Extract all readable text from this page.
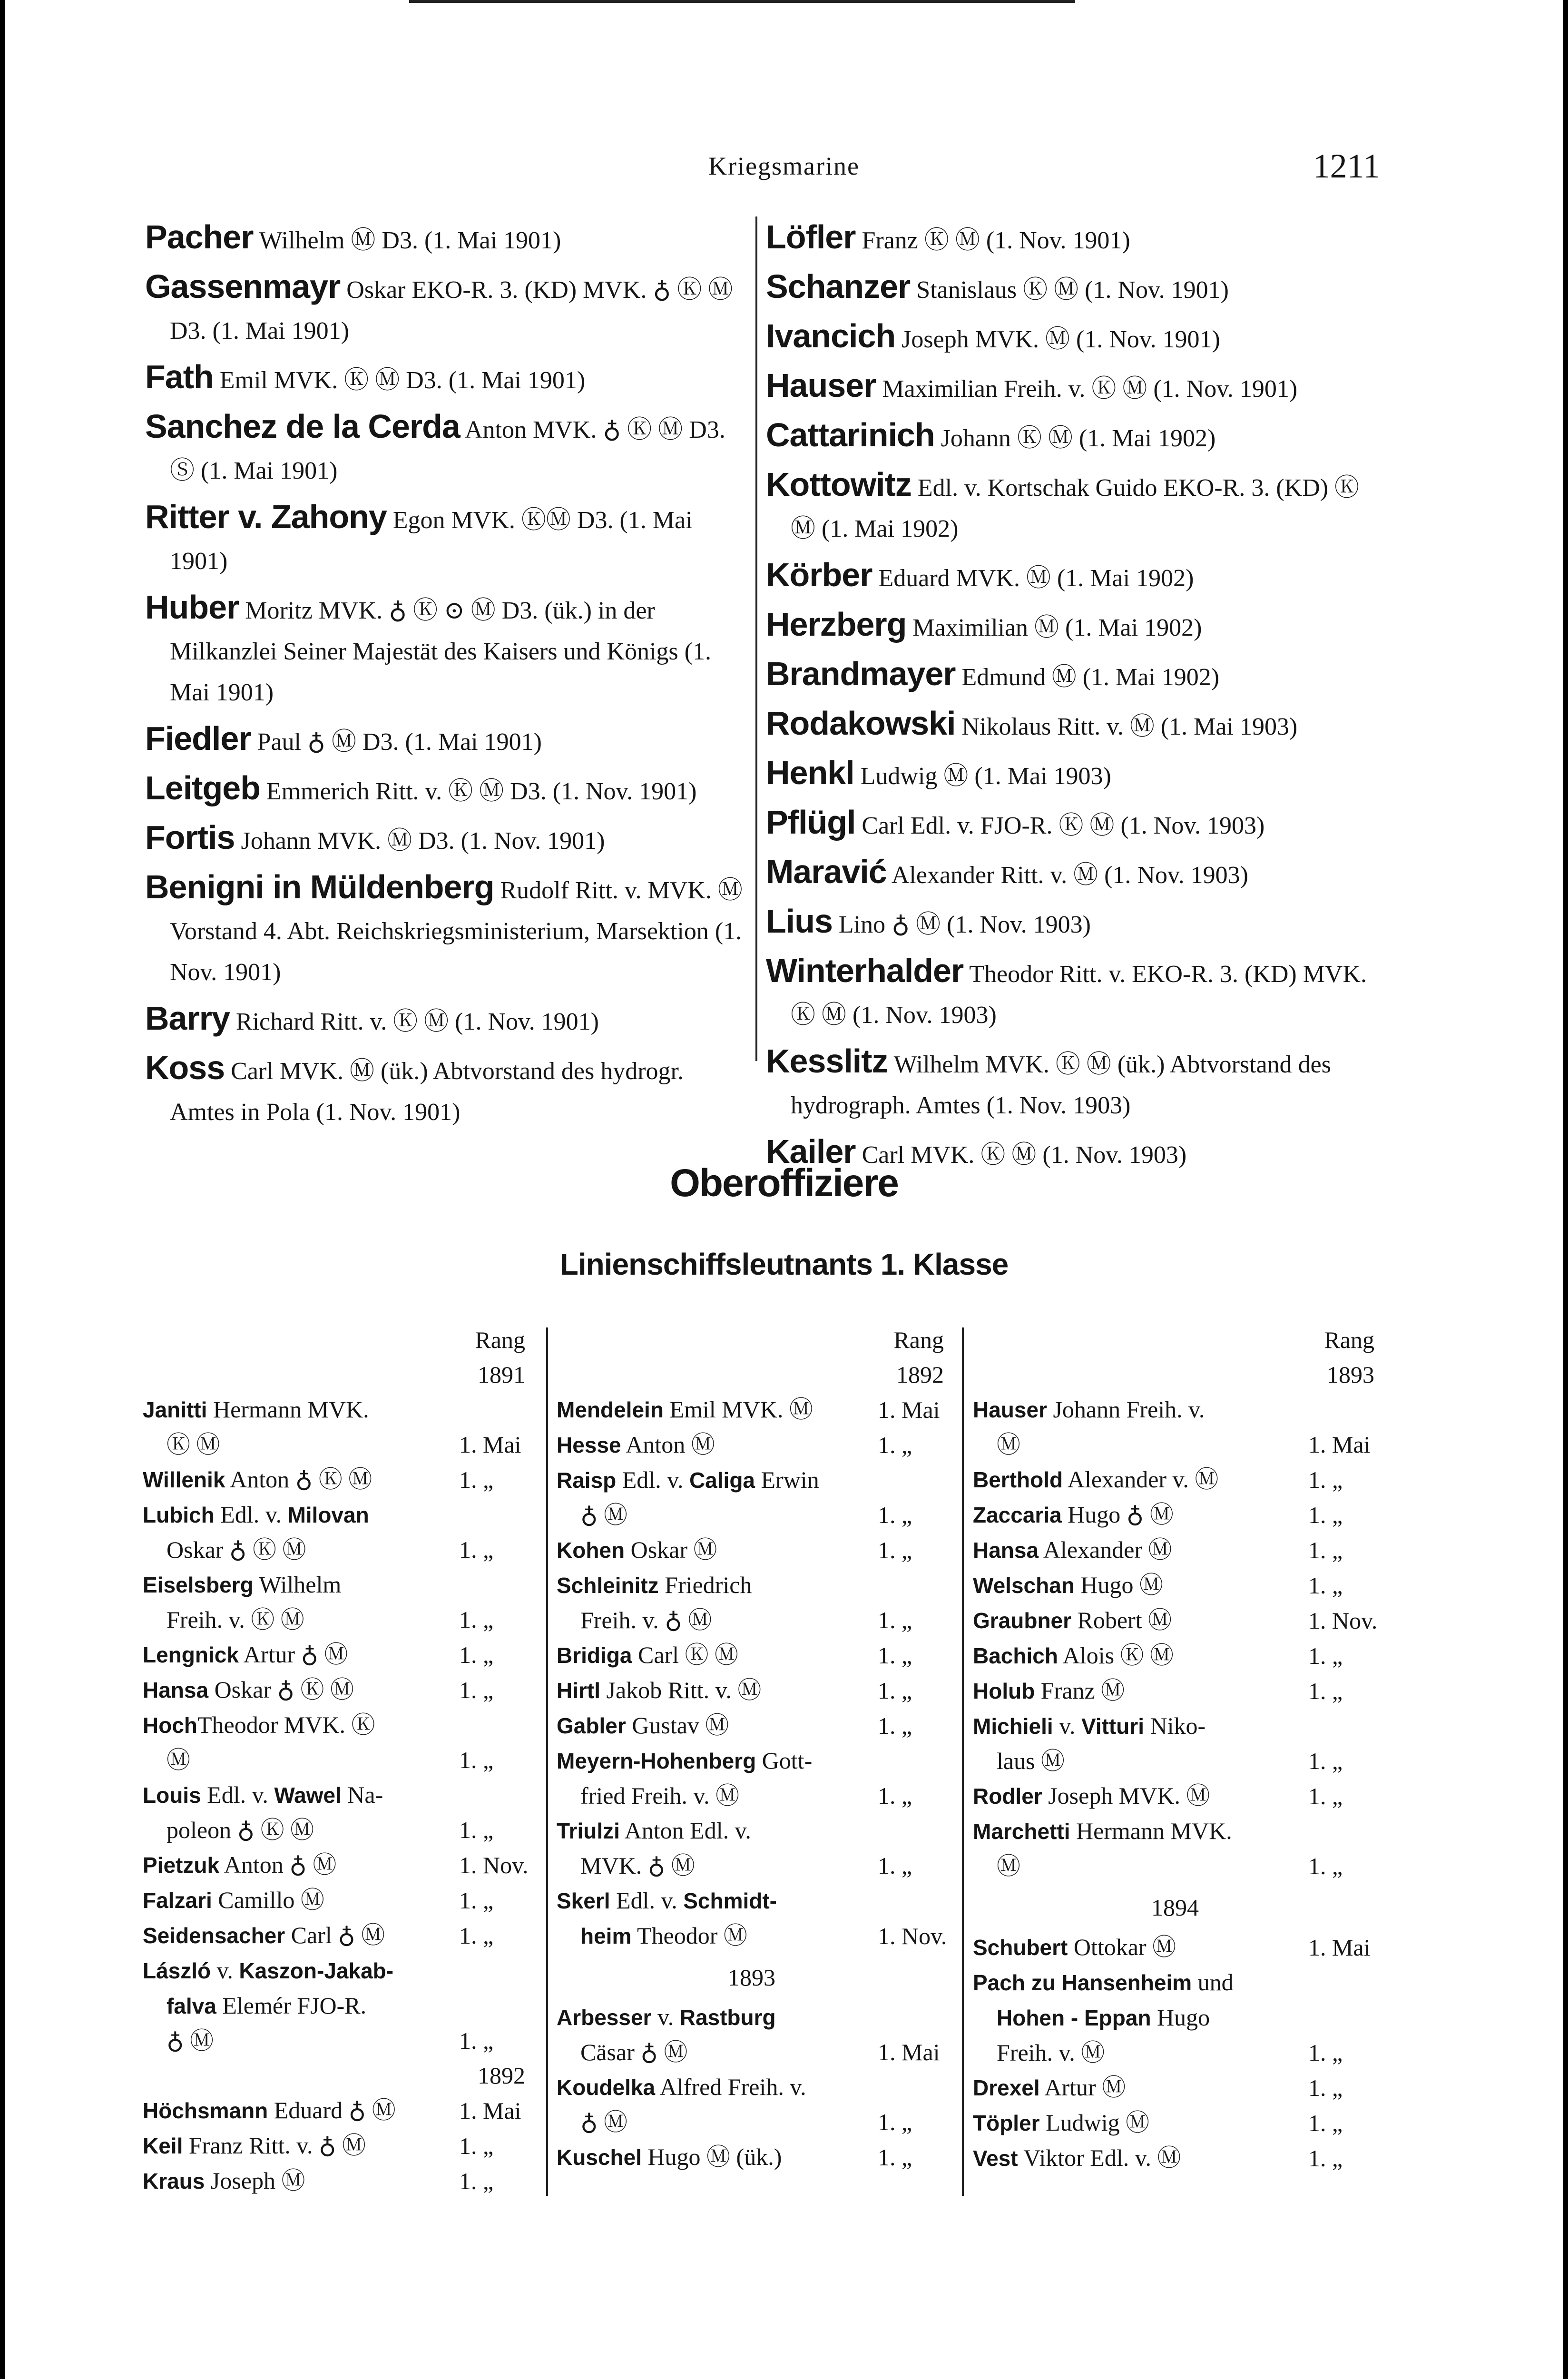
Kriegsmarine	1211
Pacher Wilhelm Ⓜ D3. (1. Mai 1901)
Gassenmayr Oskar EKO-R. 3. (KD) MVK. ♁ Ⓚ Ⓜ D3. (1. Mai 1901)
Fath Emil MVK. Ⓚ Ⓜ D3. (1. Mai 1901)
Sanchez de la Cerda Anton MVK. ♁ Ⓚ Ⓜ D3. Ⓢ (1. Mai 1901)
Ritter v. Zahony Egon MVK. ⓀⓂ D3. (1. Mai 1901)
Huber Moritz MVK. ♁ Ⓚ ⊙ Ⓜ D3. (ük.) in der Milkanzlei Seiner Majestät des Kaisers und Königs (1. Mai 1901)
Fiedler Paul ♁ Ⓜ D3. (1. Mai 1901)
Leitgeb Emmerich Ritt. v. Ⓚ Ⓜ D3. (1. Nov. 1901)
Fortis Johann MVK. Ⓜ D3. (1. Nov. 1901)
Benigni in Müldenberg Rudolf Ritt. v. MVK. Ⓜ Vorstand 4. Abt. Reichskriegsministerium, Marsektion (1. Nov. 1901)
Barry Richard Ritt. v. Ⓚ Ⓜ (1. Nov. 1901)
Koss Carl MVK. Ⓜ (ük.) Abtvorstand des hydrogr. Amtes in Pola (1. Nov. 1901)
Löfler Franz Ⓚ Ⓜ (1. Nov. 1901)
Schanzer Stanislaus Ⓚ Ⓜ (1. Nov. 1901)
Ivancich Joseph MVK. Ⓜ (1. Nov. 1901)
Hauser Maximilian Freih. v. Ⓚ Ⓜ (1. Nov. 1901)
Cattarinich Johann Ⓚ Ⓜ (1. Mai 1902)
Kottowitz Edl. v. Kortschak Guido EKO-R. 3. (KD) Ⓚ Ⓜ (1. Mai 1902)
Körber Eduard MVK. Ⓜ (1. Mai 1902)
Herzberg Maximilian Ⓜ (1. Mai 1902)
Brandmayer Edmund Ⓜ (1. Mai 1902)
Rodakowski Nikolaus Ritt. v. Ⓜ (1. Mai 1903)
Henkl Ludwig Ⓜ (1. Mai 1903)
Pflügl Carl Edl. v. FJO-R. Ⓚ Ⓜ (1. Nov. 1903)
Maravić Alexander Ritt. v. Ⓜ (1. Nov. 1903)
Lius Lino ♁ Ⓜ (1. Nov. 1903)
Winterhalder Theodor Ritt. v. EKO-R. 3. (KD) MVK. Ⓚ Ⓜ (1. Nov. 1903)
Kesslitz Wilhelm MVK. Ⓚ Ⓜ (ük.) Abtvorstand des hydrograph. Amtes (1. Nov. 1903)
Kailer Carl MVK. Ⓚ Ⓜ (1. Nov. 1903)
Oberoffiziere
Linienschiffsleutnants 1. Klasse
Rang
1891
Janitti Hermann MVK.
Ⓚ Ⓜ	1. Mai
Willenik Anton ♁ Ⓚ Ⓜ	1. „
Lubich Edl. v. Milovan
Oskar ♁ Ⓚ Ⓜ	1. „
Eiselsberg Wilhelm
Freih. v. Ⓚ Ⓜ	1. „
Lengnick Artur ♁ Ⓜ	1. „
Hansa Oskar ♁ Ⓚ Ⓜ	1. „
HochTheodor MVK. Ⓚ
Ⓜ	1. „
Louis Edl. v. Wawel Na-
poleon ♁ Ⓚ Ⓜ	1. „
Pietzuk Anton ♁ Ⓜ	1. Nov.
Falzari Camillo Ⓜ	1. „
Seidensacher Carl ♁ Ⓜ	1. „
László v. Kaszon-Jakab-
falva Elemér FJO-R.
♁ Ⓜ	1. „
1892
Höchsmann Eduard ♁ Ⓜ	1. Mai
Keil Franz Ritt. v. ♁ Ⓜ	1. „
Kraus Joseph Ⓜ	1. „
Rang
1892
Mendelein Emil MVK. Ⓜ	1. Mai
Hesse Anton Ⓜ	1. „
Raisp Edl. v. Caliga Erwin
♁ Ⓜ	1. „
Kohen Oskar Ⓜ	1. „
Schleinitz Friedrich
Freih. v. ♁ Ⓜ	1. „
Bridiga Carl Ⓚ Ⓜ	1. „
Hirtl Jakob Ritt. v. Ⓜ	1. „
Gabler Gustav Ⓜ	1. „
Meyern-Hohenberg Gott-
fried Freih. v. Ⓜ	1. „
Triulzi Anton Edl. v.
MVK. ♁ Ⓜ	1. „
Skerl Edl. v. Schmidt-
heim Theodor Ⓜ	1. Nov.
1893
Arbesser v. Rastburg
Cäsar ♁ Ⓜ	1. Mai
Koudelka Alfred Freih. v.
♁ Ⓜ	1. „
Kuschel Hugo Ⓜ (ük.)	1. „
Rang
1893
Hauser Johann Freih. v.
Ⓜ	1. Mai
Berthold Alexander v. Ⓜ	1. „
Zaccaria Hugo ♁ Ⓜ	1. „
Hansa Alexander Ⓜ	1. „
Welschan Hugo Ⓜ	1. „
Graubner Robert Ⓜ	1. Nov.
Bachich Alois Ⓚ Ⓜ	1. „
Holub Franz Ⓜ	1. „
Michieli v. Vitturi Niko-
laus Ⓜ	1. „
Rodler Joseph MVK. Ⓜ	1. „
Marchetti Hermann MVK.
Ⓜ	1. „
1894
Schubert Ottokar Ⓜ	1. Mai
Pach zu Hansenheim und
Hohen - Eppan Hugo
Freih. v. Ⓜ	1. „
Drexel Artur Ⓜ	1. „
Töpler Ludwig Ⓜ	1. „
Vest Viktor Edl. v. Ⓜ	1. „
